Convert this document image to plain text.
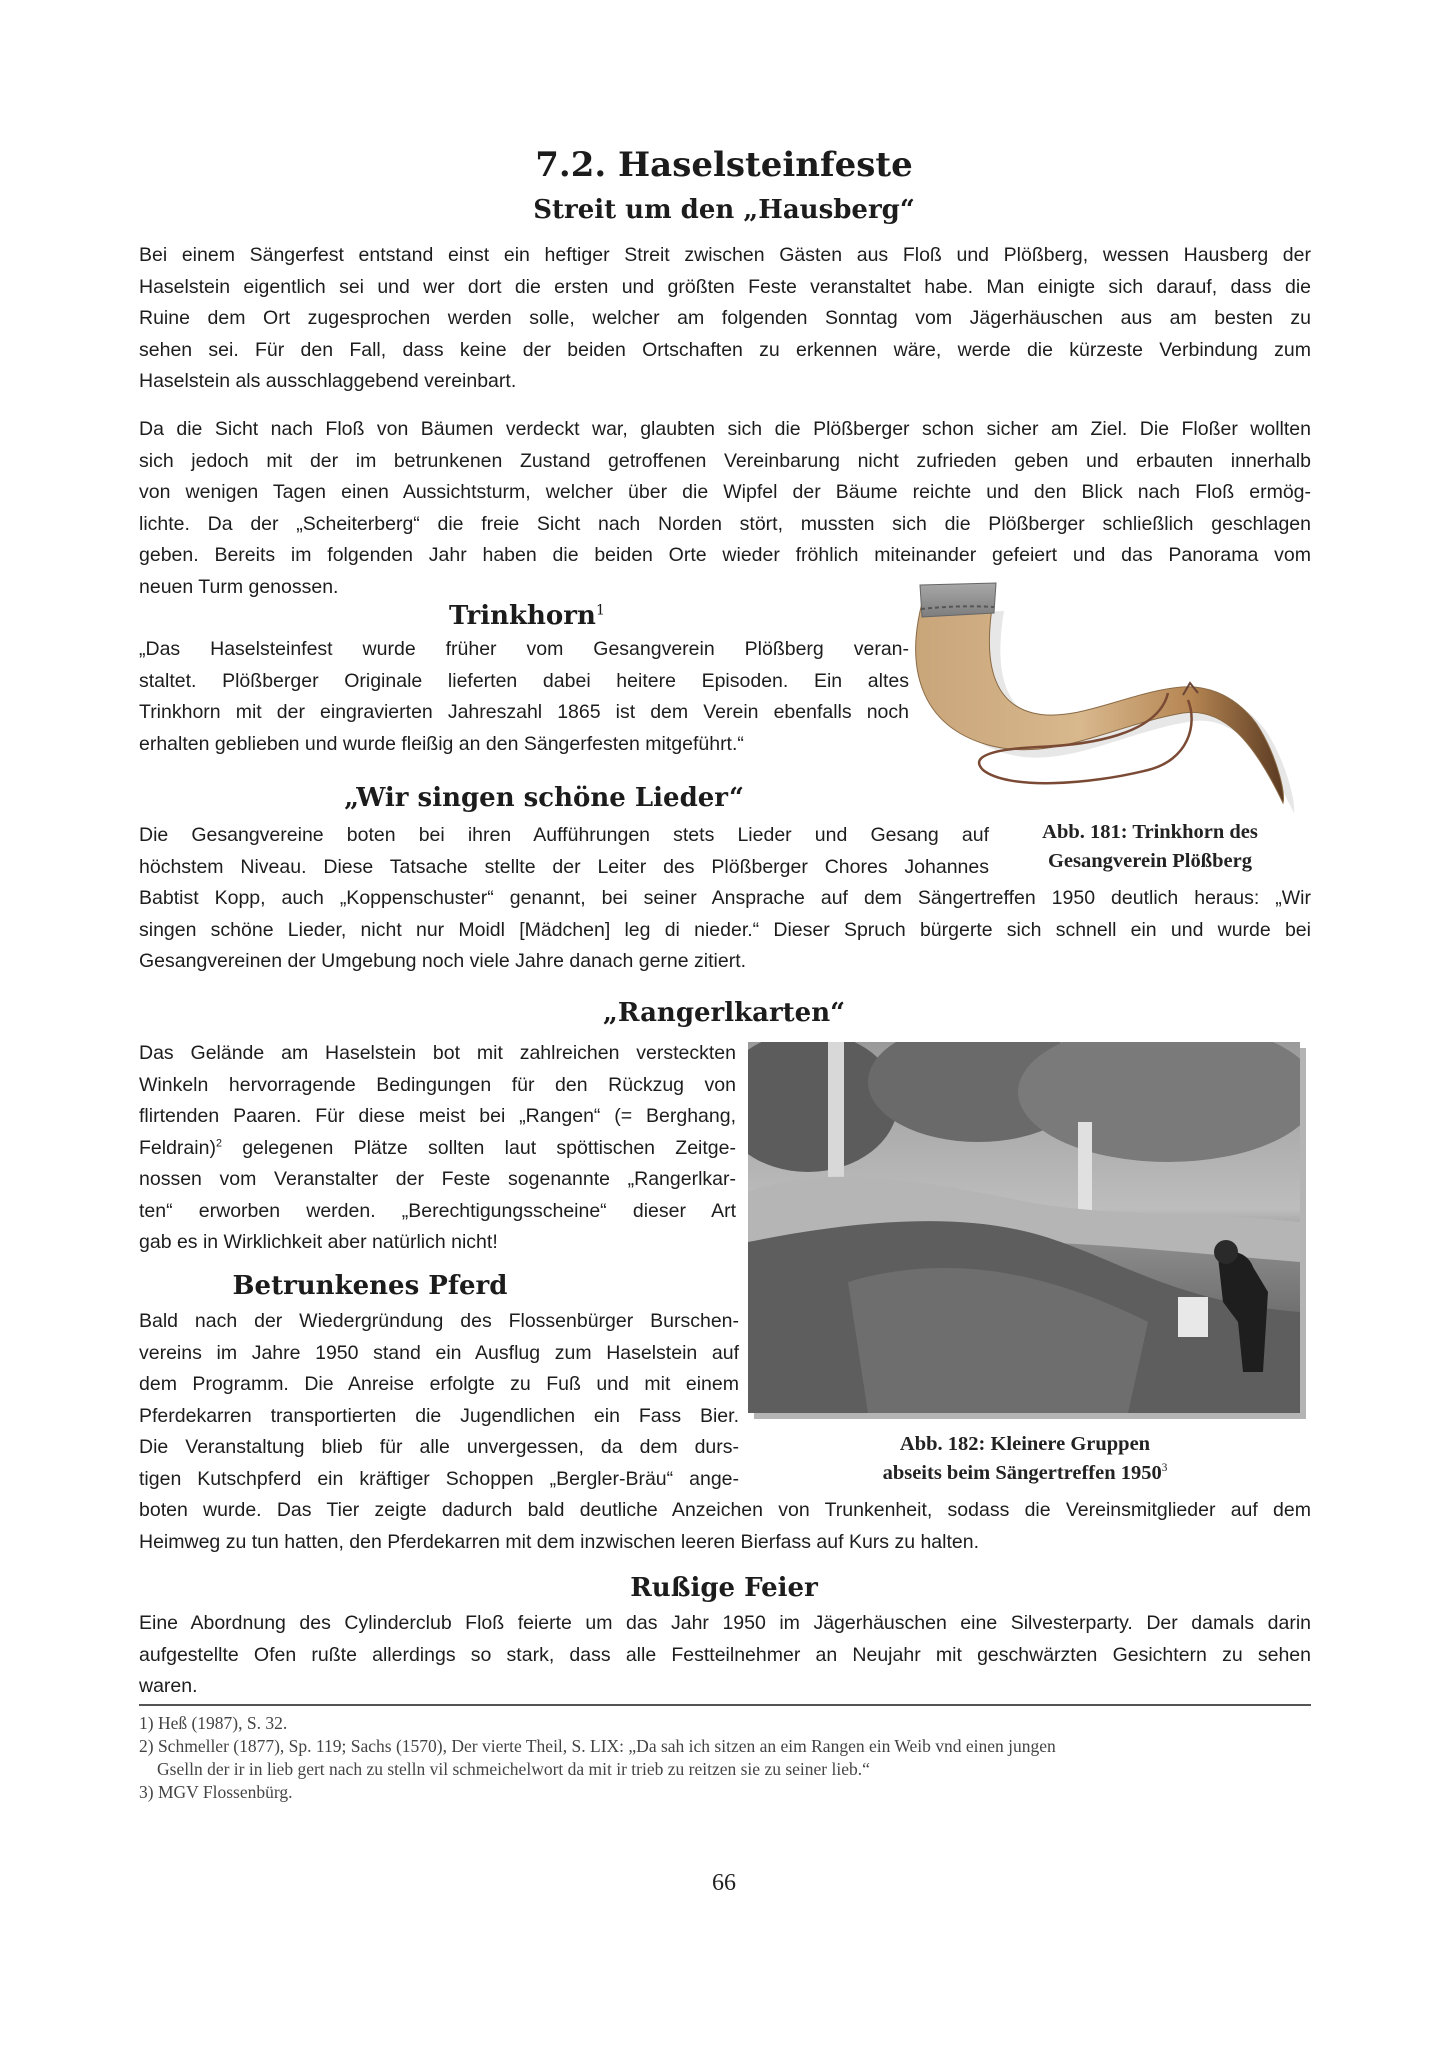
7.2. Haselsteinfeste
Streit um den „Hausberg“
Bei einem Sängerfest entstand einst ein heftiger Streit zwischen Gästen aus Floß und Plößberg, wessen Hausberg der
Haselstein eigentlich sei und wer dort die ersten und größten Feste veranstaltet habe. Man einigte sich darauf, dass die
Ruine dem Ort zugesprochen werden solle, welcher am folgenden Sonntag vom Jägerhäuschen aus am besten zu
sehen sei. Für den Fall, dass keine der beiden Ortschaften zu erkennen wäre, werde die kürzeste Verbindung zum
Haselstein als ausschlaggebend vereinbart.
Da die Sicht nach Floß von Bäumen verdeckt war, glaubten sich die Plößberger schon sicher am Ziel. Die Floßer wollten
sich jedoch mit der im betrunkenen Zustand getroffenen Vereinbarung nicht zufrieden geben und erbauten innerhalb
von wenigen Tagen einen Aussichtsturm, welcher über die Wipfel der Bäume reichte und den Blick nach Floß ermög-
lichte. Da der „Scheiterberg“ die freie Sicht nach Norden stört, mussten sich die Plößberger schließlich geschlagen
geben. Bereits im folgenden Jahr haben die beiden Orte wieder fröhlich miteinander gefeiert und das Panorama vom
neuen Turm genossen.
Trinkhorn$^1$
„Das Haselsteinfest wurde früher vom Gesangverein Plößberg veran-
staltet. Plößberger Originale lieferten dabei heitere Episoden. Ein altes
Trinkhorn mit der eingravierten Jahreszahl 1865 ist dem Verein ebenfalls noch
erhalten geblieben und wurde fleißig an den Sängerfesten mitgeführt.“
Abb. 181: Trinkhorn des
Gesangverein Plößberg
„Wir singen schöne Lieder“
Die Gesangvereine boten bei ihren Aufführungen stets Lieder und Gesang auf
höchstem Niveau. Diese Tatsache stellte der Leiter des Plößberger Chores Johannes
Babtist Kopp, auch „Koppenschuster“ genannt, bei seiner Ansprache auf dem Sängertreffen 1950 deutlich heraus: „Wir
singen schöne Lieder, nicht nur Moidl [Mädchen] leg di nieder.“ Dieser Spruch bürgerte sich schnell ein und wurde bei
Gesangvereinen der Umgebung noch viele Jahre danach gerne zitiert.
„Rangerlkarten“
Das Gelände am Haselstein bot mit zahlreichen versteckten
Winkeln hervorragende Bedingungen für den Rückzug von
flirtenden Paaren. Für diese meist bei „Rangen“ (= Berghang,
Feldrain)$^2$ gelegenen Plätze sollten laut spöttischen Zeitge-
nossen vom Veranstalter der Feste sogenannte „Rangerlkar-
ten“ erworben werden. „Berechtigungsscheine“ dieser Art
gab es in Wirklichkeit aber natürlich nicht!
Abb. 182: Kleinere Gruppen
abseits beim Sängertreffen 1950$^3$
Betrunkenes Pferd
Bald nach der Wiedergründung des Flossenbürger Burschen-
vereins im Jahre 1950 stand ein Ausflug zum Haselstein auf
dem Programm. Die Anreise erfolgte zu Fuß und mit einem
Pferdekarren transportierten die Jugendlichen ein Fass Bier.
Die Veranstaltung blieb für alle unvergessen, da dem durs-
tigen Kutschpferd ein kräftiger Schoppen „Bergler-Bräu“ ange-
boten wurde. Das Tier zeigte dadurch bald deutliche Anzeichen von Trunkenheit, sodass die Vereinsmitglieder auf dem
Heimweg zu tun hatten, den Pferdekarren mit dem inzwischen leeren Bierfass auf Kurs zu halten.
Rußige Feier
Eine Abordnung des Cylinderclub Floß feierte um das Jahr 1950 im Jägerhäuschen eine Silvesterparty. Der damals darin
aufgestellte Ofen rußte allerdings so stark, dass alle Festteilnehmer an Neujahr mit geschwärzten Gesichtern zu sehen
waren.
1) Heß (1987), S. 32.
2) Schmeller (1877), Sp. 119; Sachs (1570), Der vierte Theil, S. LIX: „Da sah ich sitzen an eim Rangen ein Weib vnd einen jungen
Gselln der ir in lieb gert nach zu stelln vil schmeichelwort da mit ir trieb zu reitzen sie zu seiner lieb.“
3) MGV Flossenbürg.
66
